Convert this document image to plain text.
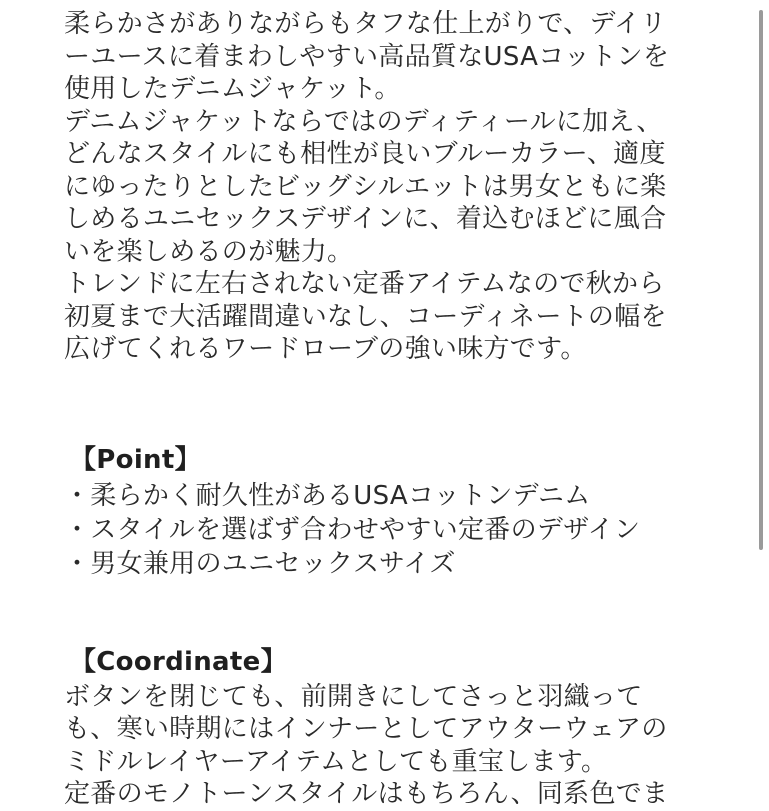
柔らかさがありながらもタフな仕上がりで、デイリ
ーユースに着まわしやすい高品質なUSAコットンを
使用したデニムジャケット。
デニムジャケットならではのディティールに加え、
どんなスタイルにも相性が良いブルーカラー、適度
にゆったりとしたビッグシルエットは男女ともに楽
しめるユニセックスデザインに、着込むほどに風合
いを楽しめるのが魅力。
トレンドに左右されない定番アイテムなので秋から
初夏まで大活躍間違いなし、コーディネートの幅を
広げてくれるワードローブの強い味方です。
【Point】
・柔らかく耐久性があるUSAコットンデニム
・スタイルを選ばず合わせやすい定番のデザイン
・男女兼用のユニセックスサイズ
【Coordinate】
ボタンを閉じても、前開きにしてさっと羽織って
も、寒い時期にはインナーとしてアウターウェアの
ミドルレイヤーアイテムとしても重宝します。
定番のモノトーンスタイルはもちろん、同系色でま
